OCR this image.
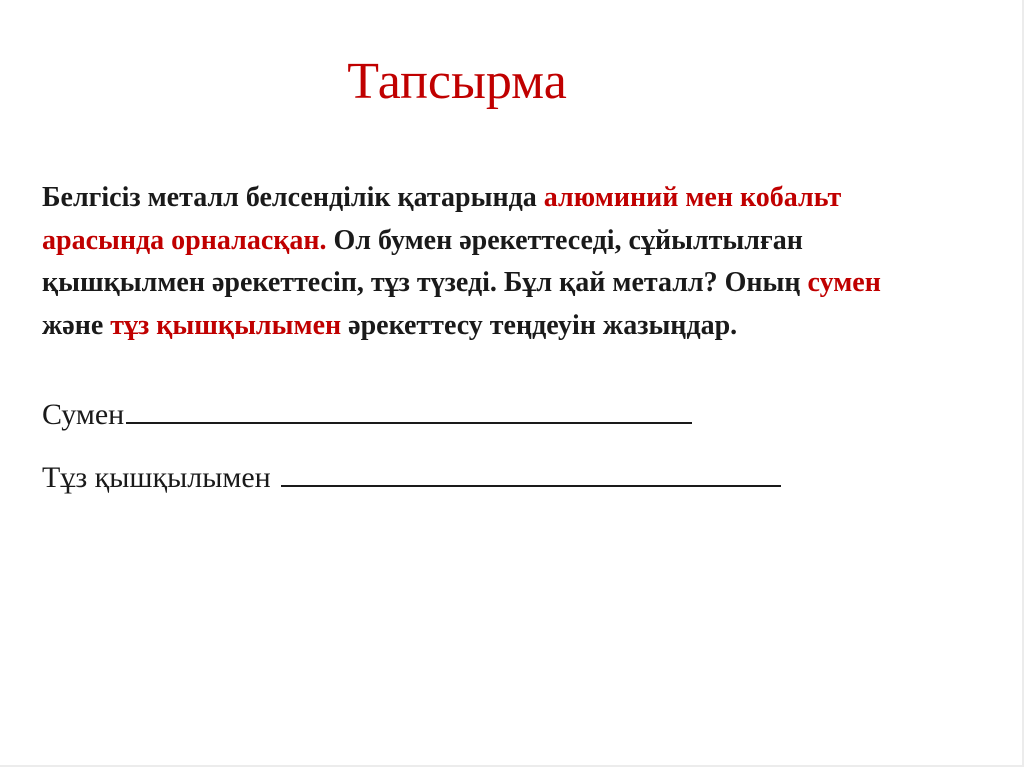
Тапсырма

Белгісіз металл белсенділік қатарында алюминий мен кобальт арасында орналасқан. Ол бумен әрекеттеседі, сұйылтылған қышқылмен әрекеттесіп, тұз түзеді. Бұл қай металл? Оның сумен және тұз қышқылымен әрекеттесу теңдеуін жазыңдар.

Сумен
Тұз қышқылымен
